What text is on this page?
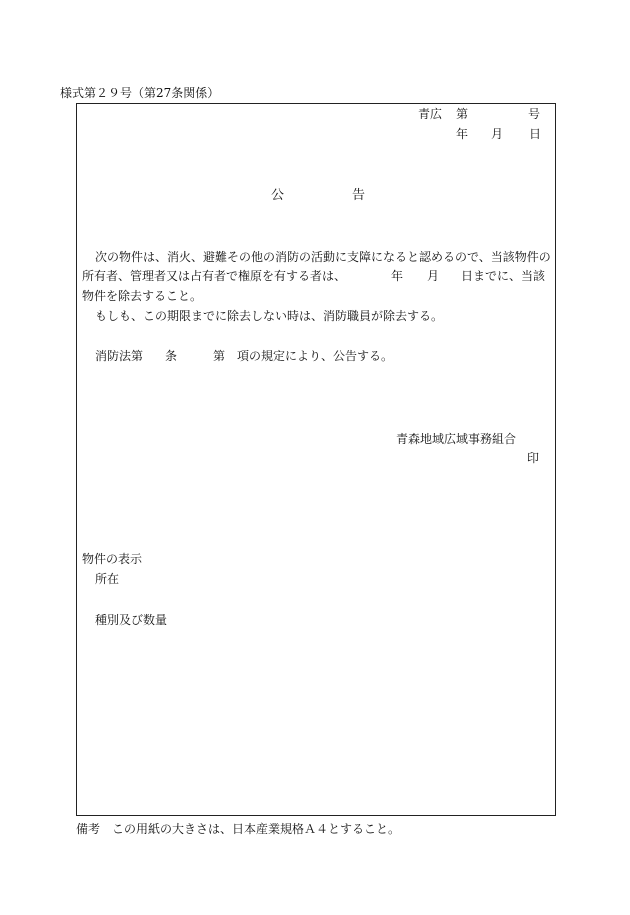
様式第２９号（第27条関係）
青広 第	号
年 月 日
公	告
次の物件は、消火、避難その他の消防の活動に支障になると認めるので、当該物件の
所有者、管理者又は占有者で権原を有する者は、	年 月 日までに、当該
物件を除去すること。
もしも、この期限までに除去しない時は、消防職員が除去する。
消防法第 条	第　項の規定により、公告する。
青森地域広域事務組合
印
物件の表示
所在
種別及び数量
備考　この用紙の大きさは、日本産業規格Ａ４とすること。
